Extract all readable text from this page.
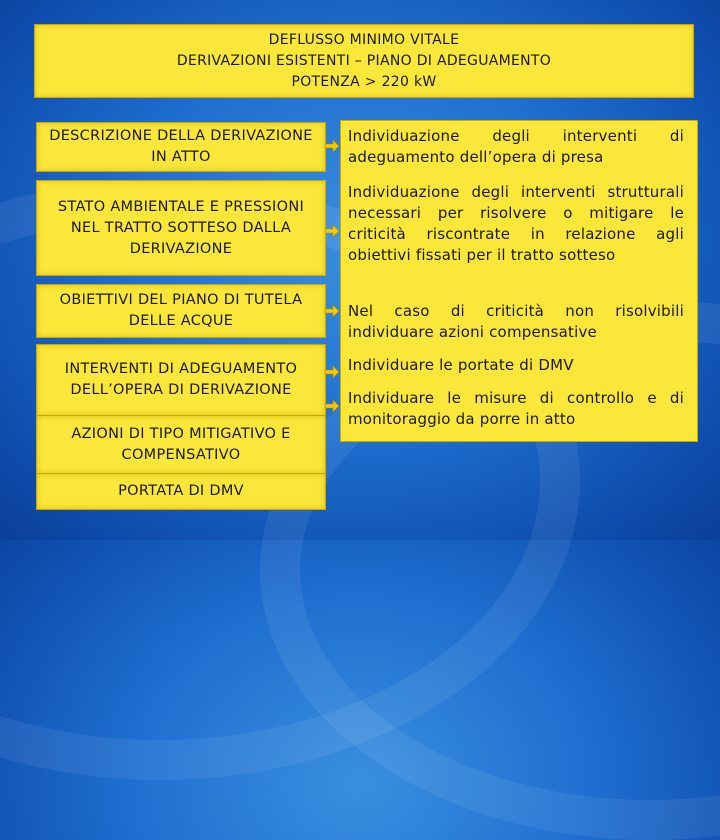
DEFLUSSO MINIMO VITALE
DERIVAZIONI ESISTENTI – PIANO DI ADEGUAMENTO
POTENZA > 220 kW
DESCRIZIONE DELLA DERIVAZIONE IN ATTO
STATO AMBIENTALE E PRESSIONI NEL TRATTO SOTTESO DALLA DERIVAZIONE
OBIETTIVI DEL PIANO DI TUTELA DELLE ACQUE
INTERVENTI DI ADEGUAMENTO DELL’OPERA DI DERIVAZIONE
AZIONI DI TIPO MITIGATIVO E COMPENSATIVO
PORTATA DI DMV
Individuazione degli interventi di adeguamento dell’opera di presa
Individuazione degli interventi strutturali necessari per risolvere o mitigare le criticità riscontrate in relazione agli obiettivi fissati per il tratto sotteso
Nel caso di criticità non risolvibili individuare azioni compensative
Individuare le portate di DMV
Individuare le misure di controllo e di monitoraggio da porre in atto
